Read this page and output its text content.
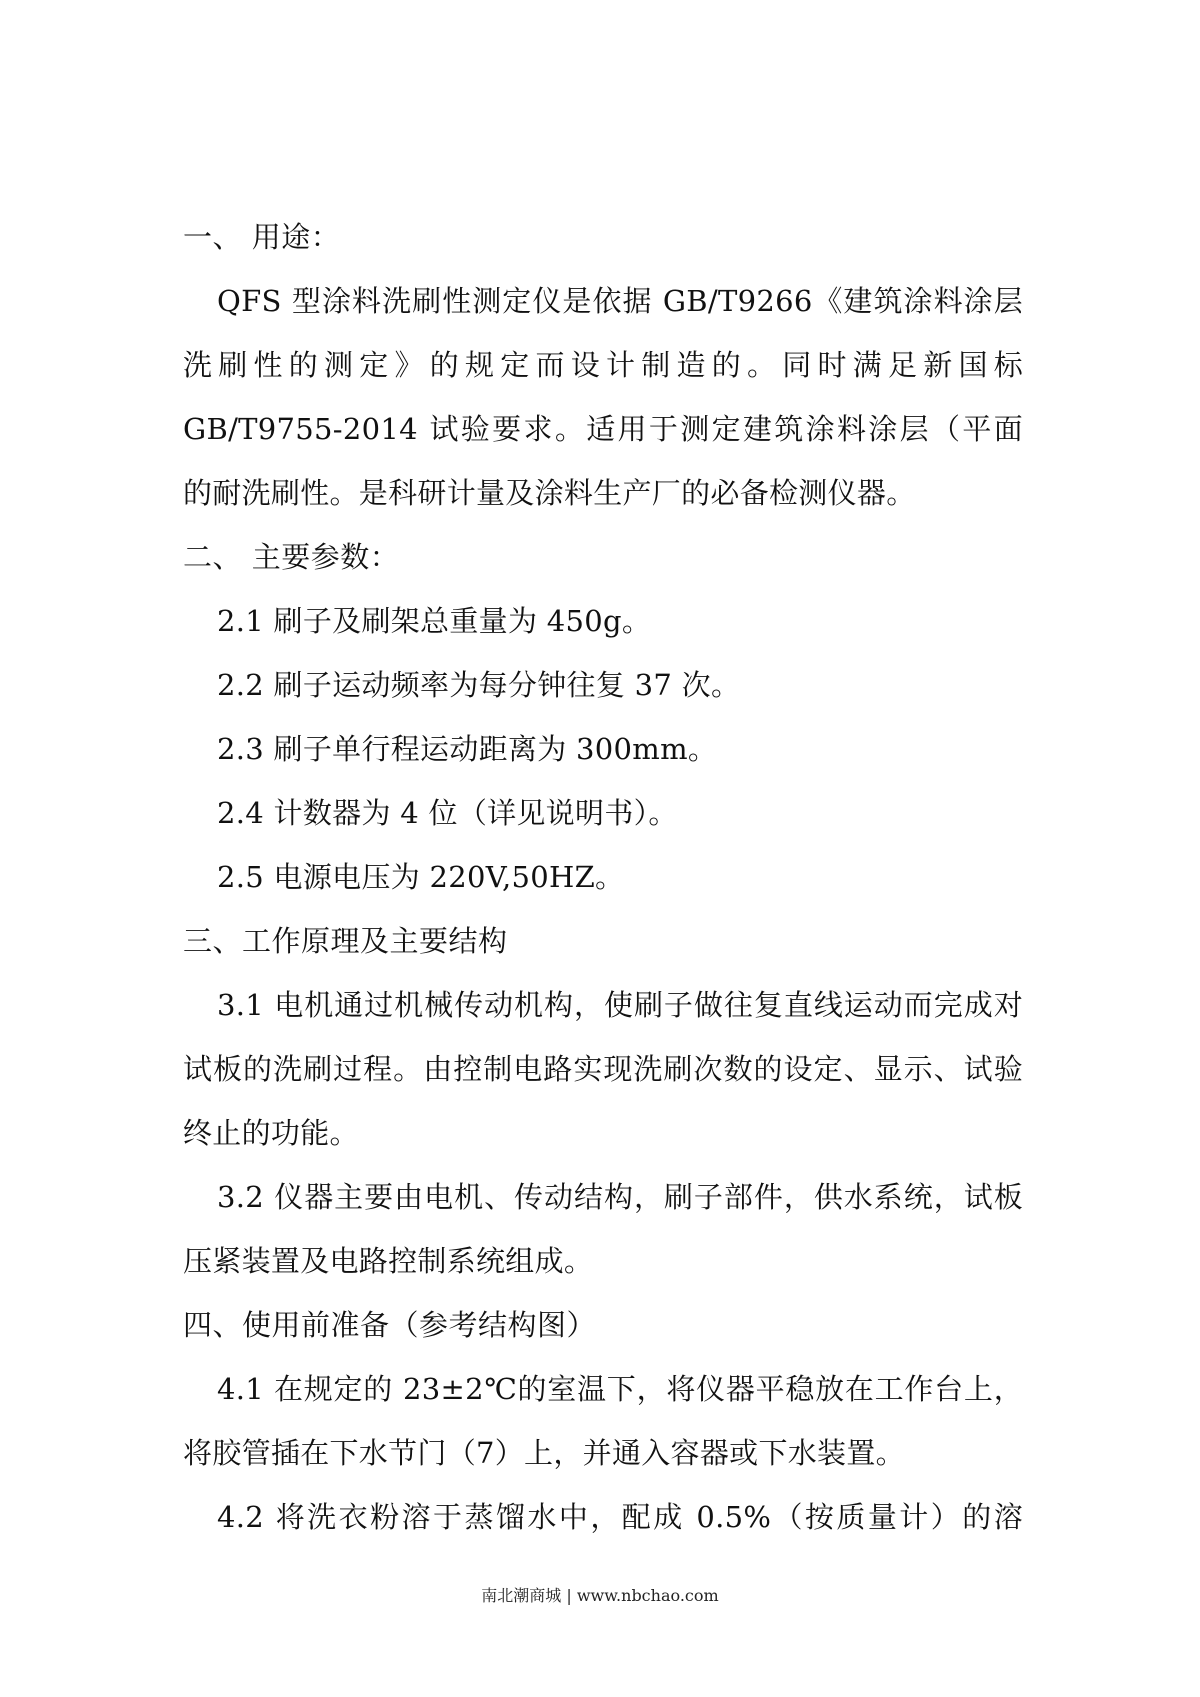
一、 用途：
QFS 型涂料洗刷性测定仪是依据 GB/T9266《建筑涂料涂层
洗刷性的测定》的规定而设计制造的。同时满足新国标
GB/T9755-2014 试验要求。适用于测定建筑涂料涂层（平面
的耐洗刷性。是科研计量及涂料生产厂的必备检测仪器。
二、 主要参数：
2.1 刷子及刷架总重量为 450g。
2.2 刷子运动频率为每分钟往复 37 次。
2.3 刷子单行程运动距离为 300mm。
2.4 计数器为 4 位（详见说明书）。
2.5 电源电压为 220V,50HZ。
三、工作原理及主要结构
3.1 电机通过机械传动机构，使刷子做往复直线运动而完成对
试板的洗刷过程。由控制电路实现洗刷次数的设定、显示、试验
终止的功能。
3.2 仪器主要由电机、传动结构，刷子部件，供水系统，试板
压紧装置及电路控制系统组成。
四、使用前准备（参考结构图）
4.1 在规定的 23±2℃的室温下，将仪器平稳放在工作台上，
将胶管插在下水节门（7）上，并通入容器或下水装置。
4.2 将洗衣粉溶于蒸馏水中，配成 0.5%（按质量计）的溶
南北潮商城 | www.nbchao.com
